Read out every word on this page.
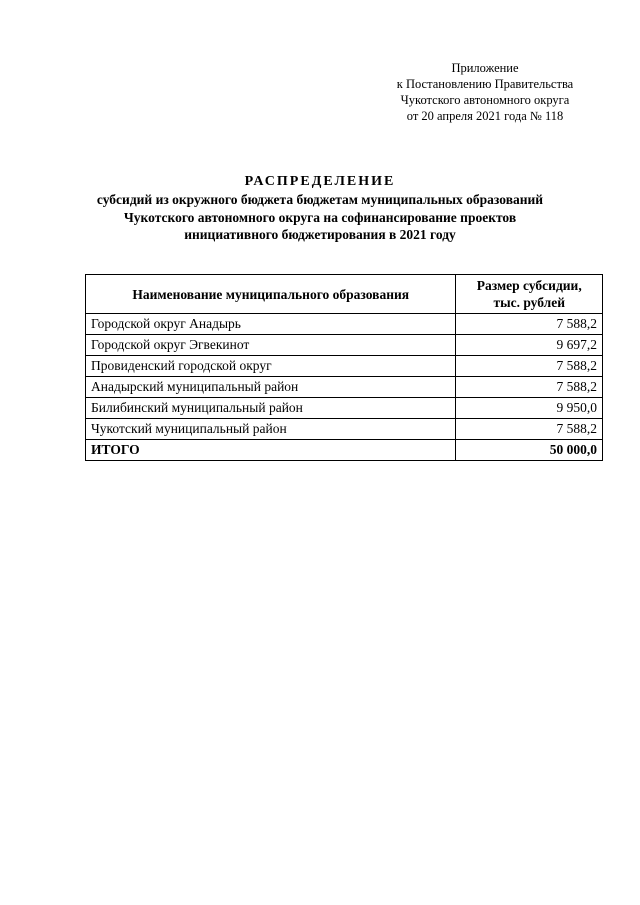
Приложение
к Постановлению Правительства
Чукотского автономного округа
от 20 апреля 2021 года № 118
РАСПРЕДЕЛЕНИЕ
субсидий из окружного бюджета бюджетам муниципальных образований
Чукотского автономного округа на софинансирование проектов
инициативного бюджетирования в 2021 году
Наименование муниципального образования	Размер субсидии,
тыс. рублей

Городской округ Анадырь	7 588,2
Городской округ Эгвекинот	9 697,2
Провиденский городской округ	7 588,2
Анадырский муниципальный район	7 588,2
Билибинский муниципальный район	9 950,0
Чукотский муниципальный район	7 588,2
ИТОГО	50 000,0
